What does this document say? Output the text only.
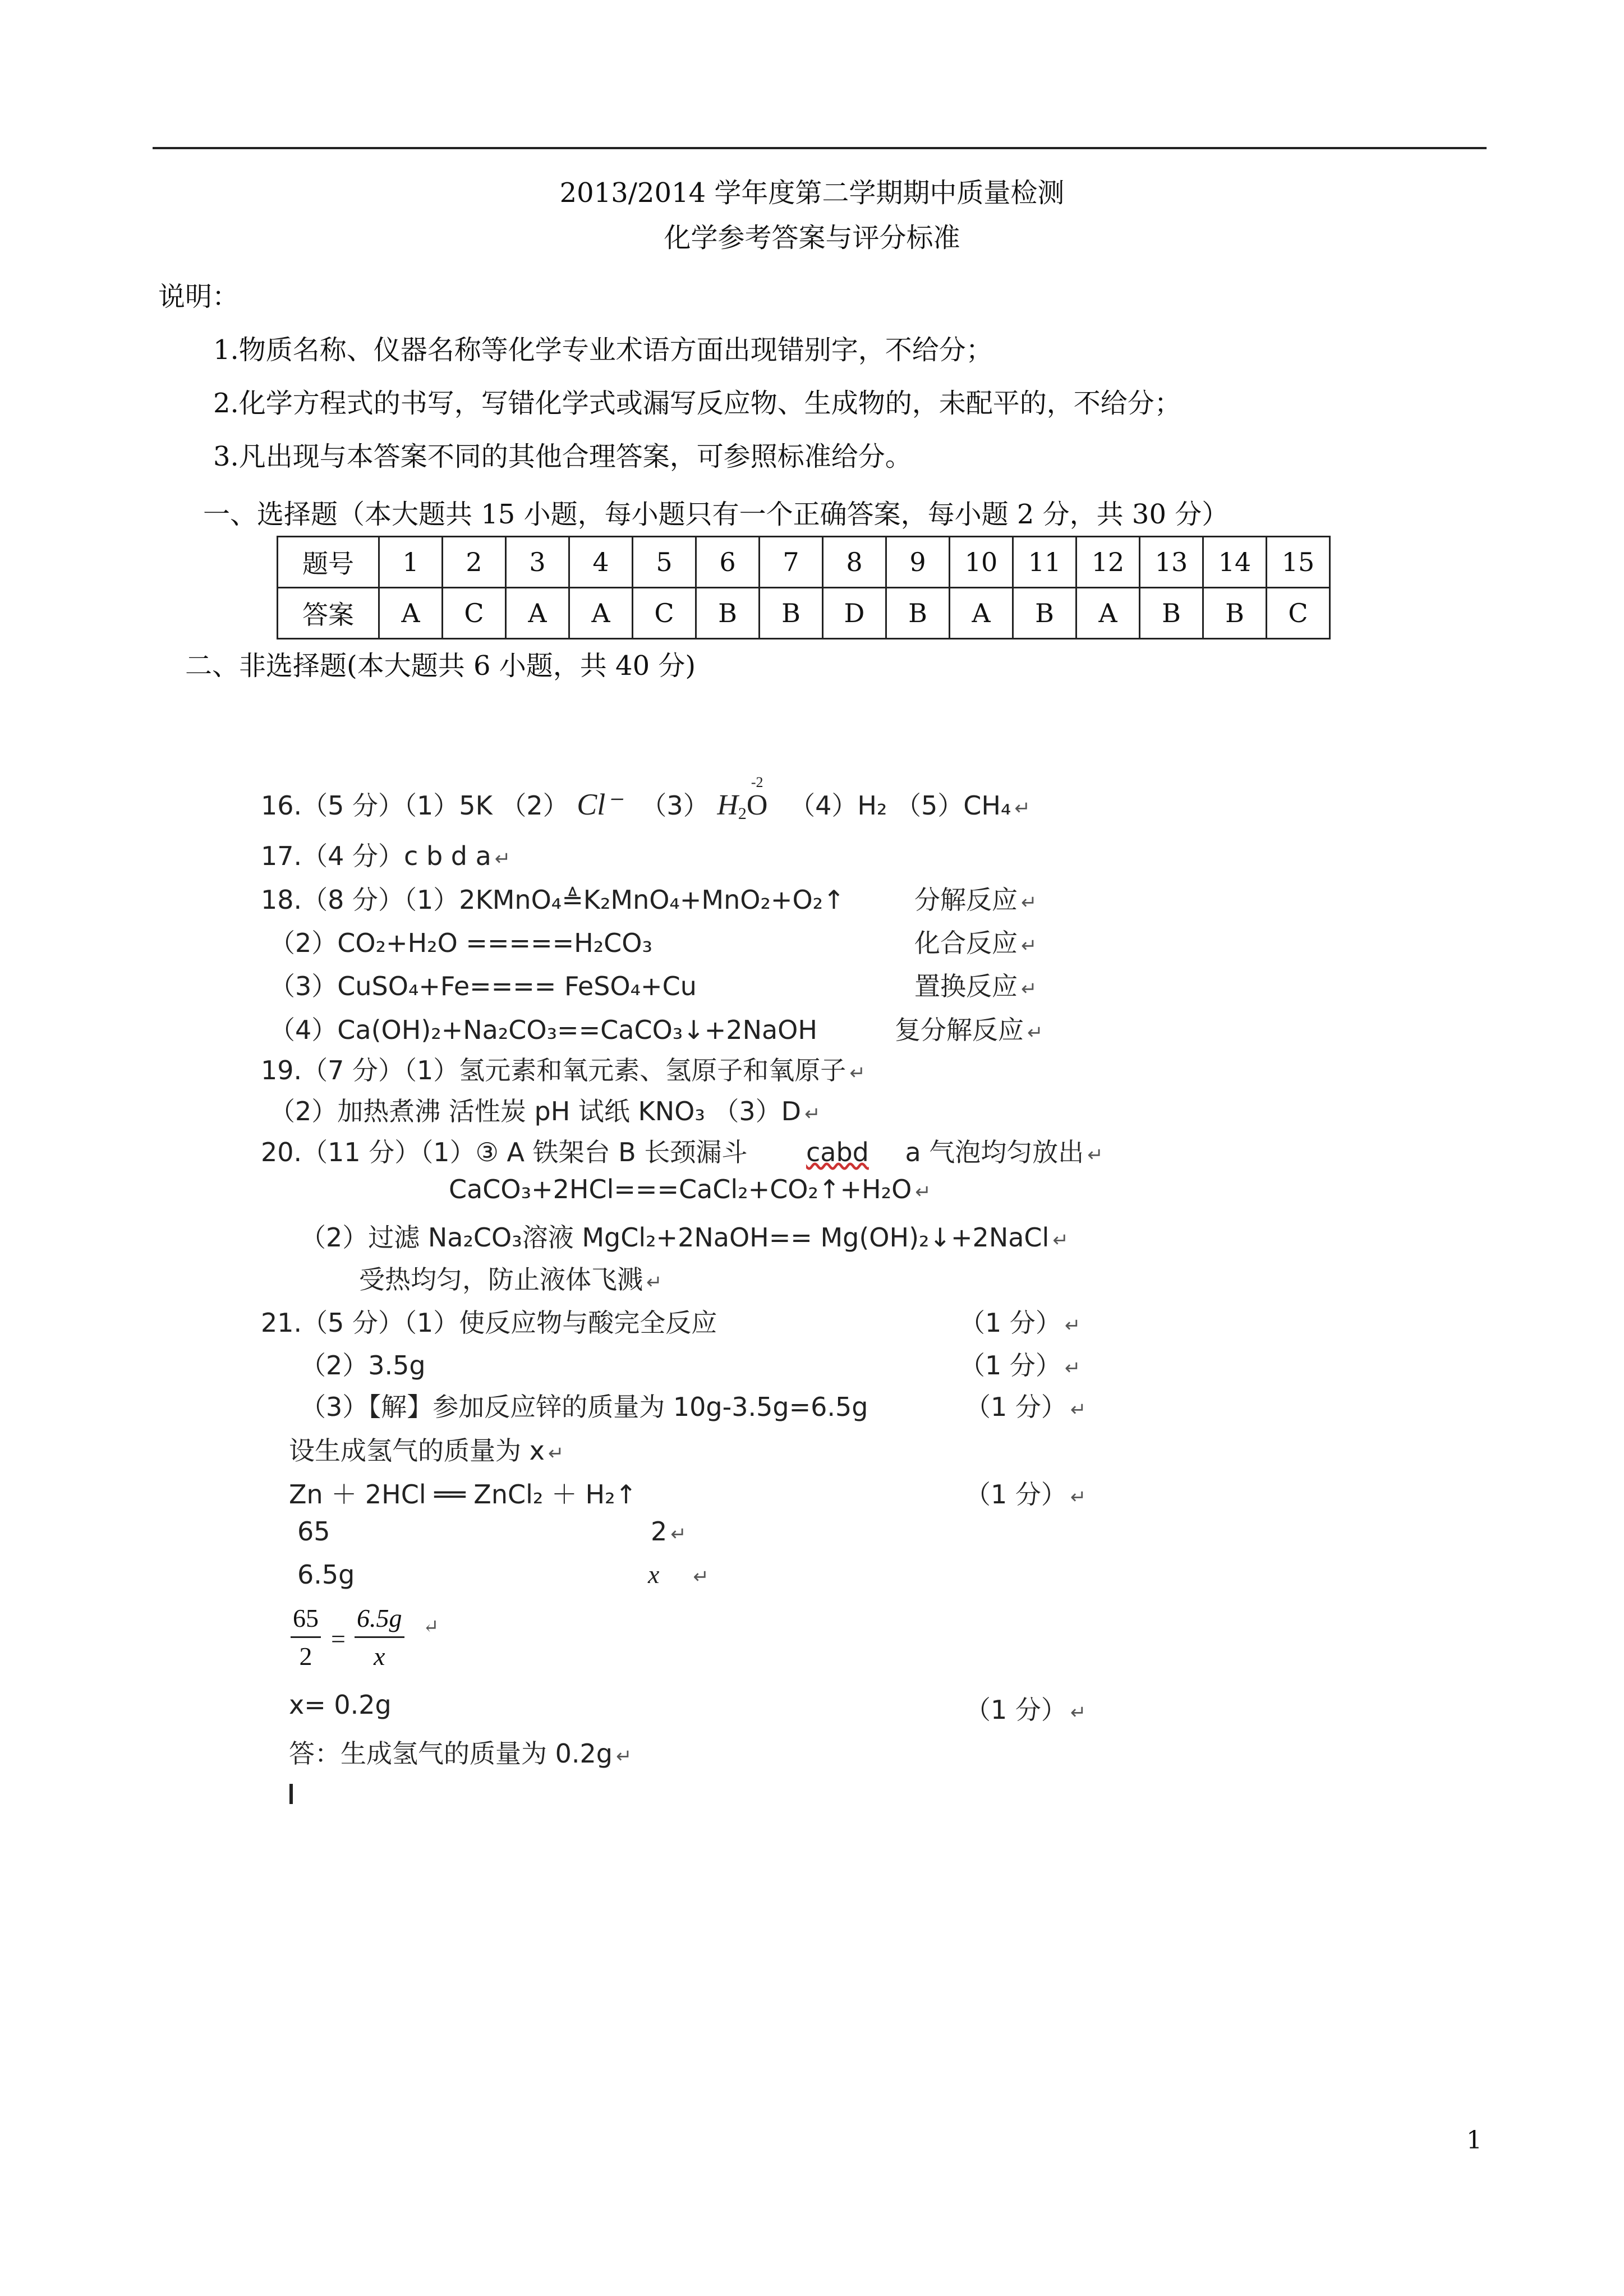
2013/2014 学年度第二学期期中质量检测
化学参考答案与评分标准
说明：
1.物质名称、仪器名称等化学专业术语方面出现错别字，不给分；
2.化学方程式的书写，写错化学式或漏写反应物、生成物的，未配平的，不给分；
3.凡出现与本答案不同的其他合理答案，可参照标准给分。
一、选择题（本大题共 15 小题，每小题只有一个正确答案，每小题 2 分，共 30 分）
题号	1	2	3	4	5	6	7	8	9	10	11	12	13	14	15
答案	A	C	A	A	C	B	B	D	B	A	B	A	B	B	C
二、非选择题(本大题共 6 小题，共 40 分)
16.（5 分）（1）5K （2） Cl⁻ （3） $H_2$
-2
O （4）H₂ （5）CH₄ ↵
17.（4 分）c b d a ↵
18.（8 分）（1）2KMnO₄≜K₂MnO₄+MnO₂+O₂↑	分解反应 ↵
（2）CO₂+H₂O =====H₂CO₃	化合反应 ↵
（3）CuSO₄+Fe==== FeSO₄+Cu	置换反应 ↵
（4）Ca(OH)₂+Na₂CO₃==CaCO₃↓+2NaOH	复分解反应 ↵
19.（7 分）（1）氢元素和氧元素、氢原子和氧原子 ↵
（2）加热煮沸 活性炭 pH 试纸 KNO₃ （3）D ↵
20.（11 分）（1）③ A 铁架台 B 长颈漏斗 cabd a 气泡均匀放出 ↵
CaCO₃+2HCl===CaCl₂+CO₂↑+H₂O ↵
（2）过滤 Na₂CO₃溶液 MgCl₂+2NaOH== Mg(OH)₂↓+2NaCl ↵
受热均匀，防止液体飞溅 ↵
21.（5 分）（1）使反应物与酸完全反应	（1 分） ↵
（2）3.5g	（1 分） ↵
（3）【解】参加反应锌的质量为 10g-3.5g=6.5g	（1 分） ↵
设生成氢气的质量为 x ↵
Zn ＋ 2HCl ══ ZnCl₂ ＋ H₂↑	（1 分） ↵
65	2 ↵
6.5g	x ↵
$\frac{65}{2} = \frac{6.5g}{x}$ ↵
x= 0.2g	（1 分） ↵
答：生成氢气的质量为 0.2g ↵
1
